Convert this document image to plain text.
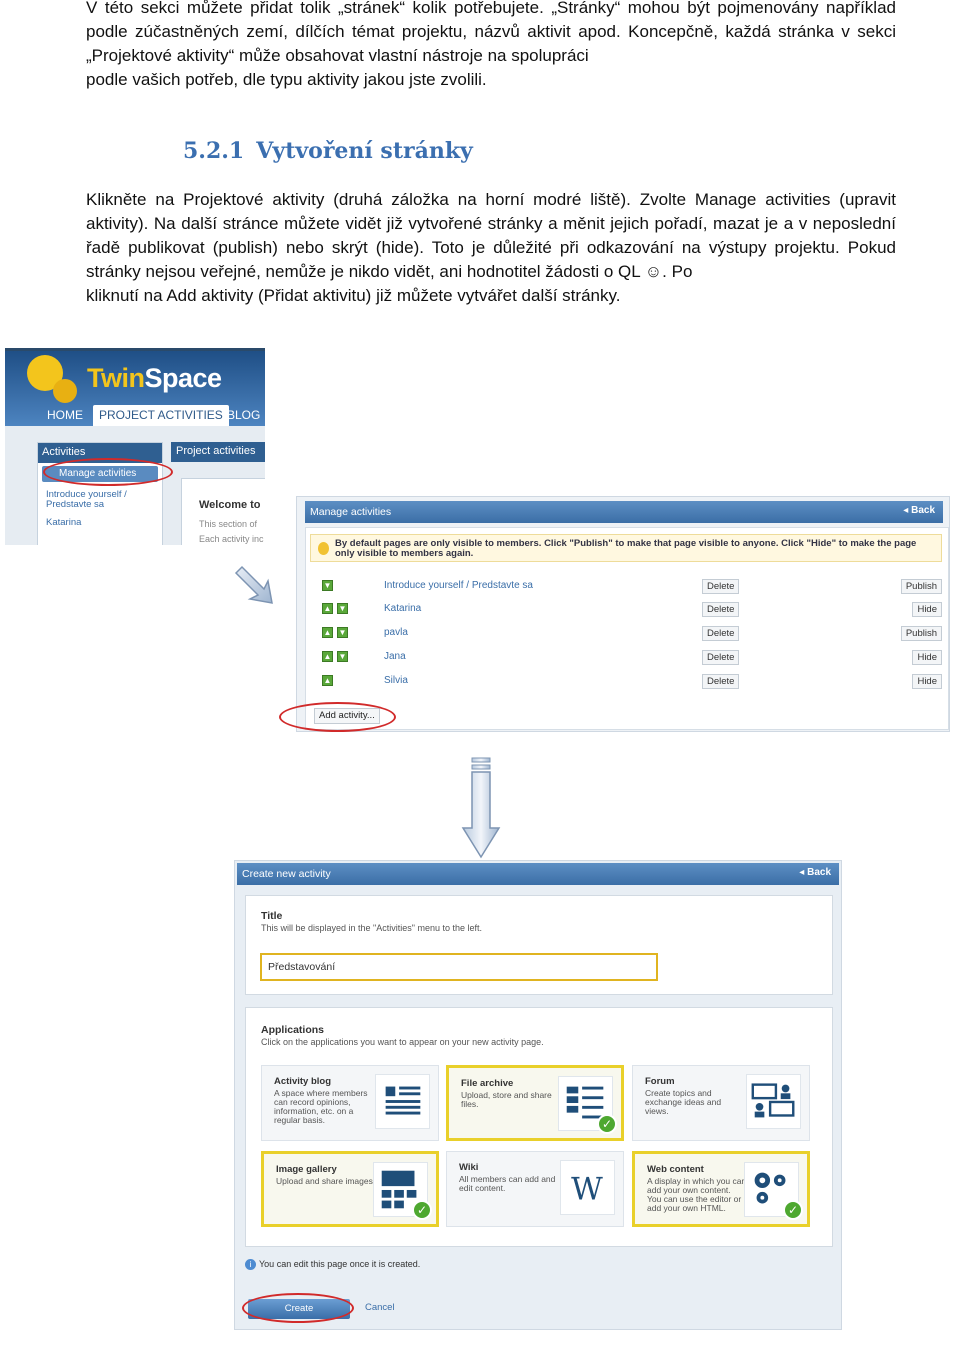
V této sekci můžete přidat tolik „stránek“ kolik potřebujete. „Stránky“ mohou být pojmenovány například podle zúčastněných zemí, dílčích témat projektu, názvů aktivit apod. Koncepčně, každá stránka v sekci „Projektové aktivity“ může obsahovat vlastní nástroje na spolupráci
podle vašich potřeb, dle typu aktivity jakou jste zvolili.
5.2.1 Vytvoření stránky
Klikněte na Projektové aktivity (druhá záložka na horní modré liště). Zvolte Manage activities (upravit aktivity). Na další stránce můžete vidět již vytvořené stránky a měnit jejich pořadí, mazat je a v neposlední řadě publikovat (publish) nebo skrýt (hide). Toto je důležité při odkazování na výstupy projektu. Pokud stránky nejsou veřejné, nemůže je nikdo vidět, ani hodnotitel žádosti o QL ☺. Po
kliknutí na Add aktivity (Přidat aktivitu) již můžete vytvářet další stránky.
TwinSpace
HOME	PROJECT ACTIVITIES BLOG
Activities
Manage activities
Introduce yourself / Predstavte sa
Katarina
Project activities
Welcome to
This section of
Each activity inc
Manage activities	◂ Back
By default pages are only visible to members. Click "Publish" to make that page visible to anyone. Click "Hide" to make the page only visible to members again.
▼	Introduce yourself / Predstavte sa	Delete	Publish
▲ ▼	Katarina	Delete	Hide
▲ ▼	pavla	Delete	Publish
▲ ▼	Jana	Delete	Hide
▲	Silvia	Delete	Hide
Add activity...
Create new activity	◂ Back
Title
This will be displayed in the "Activities" menu to the left.
Představování
Applications
Click on the applications you want to appear on your new activity page.
Activity blog
A space where members can record opinions, information, etc. on a regular basis.
File archive
Upload, store and share files.
✓
Forum
Create topics and exchange ideas and views.
Image gallery
Upload and share images.
✓
Wiki
All members can add and edit content.	W
Web content
A display in which you can add your own content. You can use the editor or add your own HTML.	✓
i You can edit this page once it is created.
Create	Cancel
